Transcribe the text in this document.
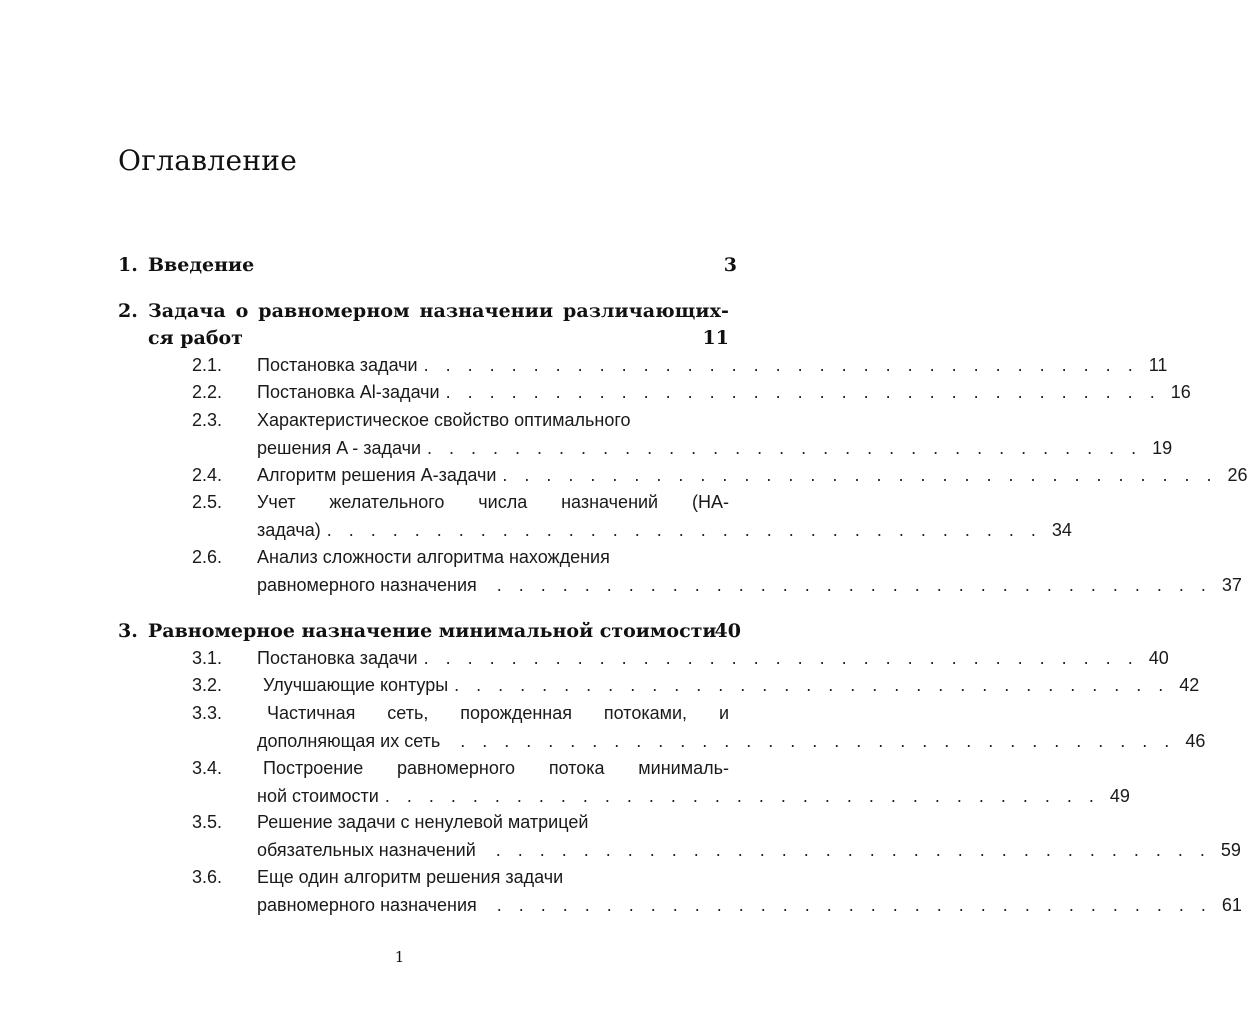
Оглавление
1. Введение	3
2. Задача о равномерном назначении различающих-
ся работ	11
2.1. Постановка задачи . . . . . . . . . . . . . . . . . . . . . . . . . . . . . . . . . 11
2.2. Постановка Al-задачи . . . . . . . . . . . . . . . . . . . . . . . . . . . . . . . . . 16
2.3. Характеристическое свойство оптимального
решения A - задачи . . . . . . . . . . . . . . . . . . . . . . . . . . . . . . . . . 19
2.4. Алгоритм решения A-задачи . . . . . . . . . . . . . . . . . . . . . . . . . . . . . . . . . 26
2.5. Учет желательного числа назначений (HA-
задача) . . . . . . . . . . . . . . . . . . . . . . . . . . . . . . . . . 34
2.6. Анализ сложности алгоритма нахождения
равномерного назначения	. . . . . . . . . . . . . . . . . . . . . . . . . . . . . . . . . 37
3. Равномерное назначение минимальной стоимости
40
3.1. Постановка задачи . . . . . . . . . . . . . . . . . . . . . . . . . . . . . . . . . 40
3.2.	Улучшающие контуры . . . . . . . . . . . . . . . . . . . . . . . . . . . . . . . . . 42
3.3.	Частичная сеть, порожденная потоками, и
дополняющая их сеть	. . . . . . . . . . . . . . . . . . . . . . . . . . . . . . . . . 46
3.4.	Построение равномерного потока минималь-
ной стоимости . . . . . . . . . . . . . . . . . . . . . . . . . . . . . . . . . 49
3.5. Решение задачи с ненулевой матрицей
обязательных назначений	. . . . . . . . . . . . . . . . . . . . . . . . . . . . . . . . . 59
3.6. Еще один алгоритм решения задачи
равномерного назначения	. . . . . . . . . . . . . . . . . . . . . . . . . . . . . . . . . 61
1
